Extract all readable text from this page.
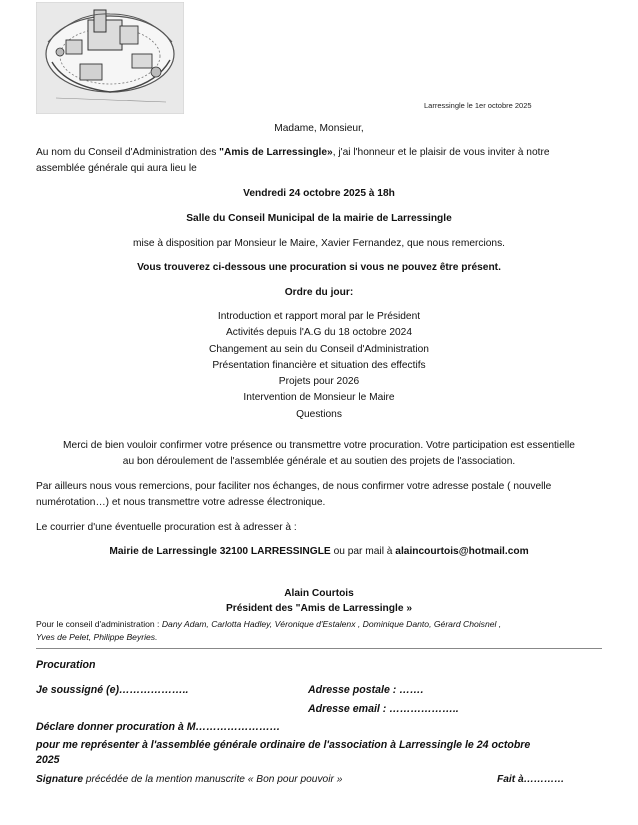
Larressingle le 1er octobre 2025
Madame, Monsieur,
Au nom du Conseil d'Administration des "Amis de Larressingle», j'ai l'honneur et le plaisir de vous inviter à notre
assemblée générale qui aura lieu le
Vendredi 24 octobre 2025 à 18h
Salle du Conseil Municipal de la mairie de Larressingle
mise à disposition par Monsieur le Maire, Xavier Fernandez, que nous remercions.
Vous trouverez ci-dessous une procuration si vous ne pouvez être présent.
Ordre du jour:
Introduction et rapport moral par le Président
Activités depuis l'A.G du 18 octobre 2024
Changement au sein du Conseil d'Administration
Présentation financière et situation des effectifs
Projets pour 2026
Intervention de Monsieur le Maire
Questions
Merci de bien vouloir confirmer votre présence ou transmettre votre procuration. Votre participation est essentielle
au bon déroulement de l'assemblée générale et au soutien des projets de l'association.
Par ailleurs nous vous remercions, pour faciliter nos échanges, de nous confirmer votre adresse postale ( nouvelle
numérotation…) et nous transmettre votre adresse électronique.
Le courrier d'une éventuelle procuration est à adresser à :
Mairie de Larressingle 32100 LARRESSINGLE ou par mail à alaincourtois@hotmail.com
Alain Courtois
Président des "Amis de Larressingle »
Pour le conseil d'administration : Dany Adam, Carlotta Hadley, Véronique d'Estalenx , Dominique Danto, Gérard Choisnel ,
Yves de Pelet, Philippe Beyries.
Procuration
Je soussigné (e)………………..	Adresse postale : …….
Adresse email : ………………..
Déclare donner procuration à M……………………
pour me représenter à l'assemblée générale ordinaire de l'association à Larressingle le 24 octobre
2025
Signature précédée de la mention manuscrite « Bon pour pouvoir »	Fait à…………
